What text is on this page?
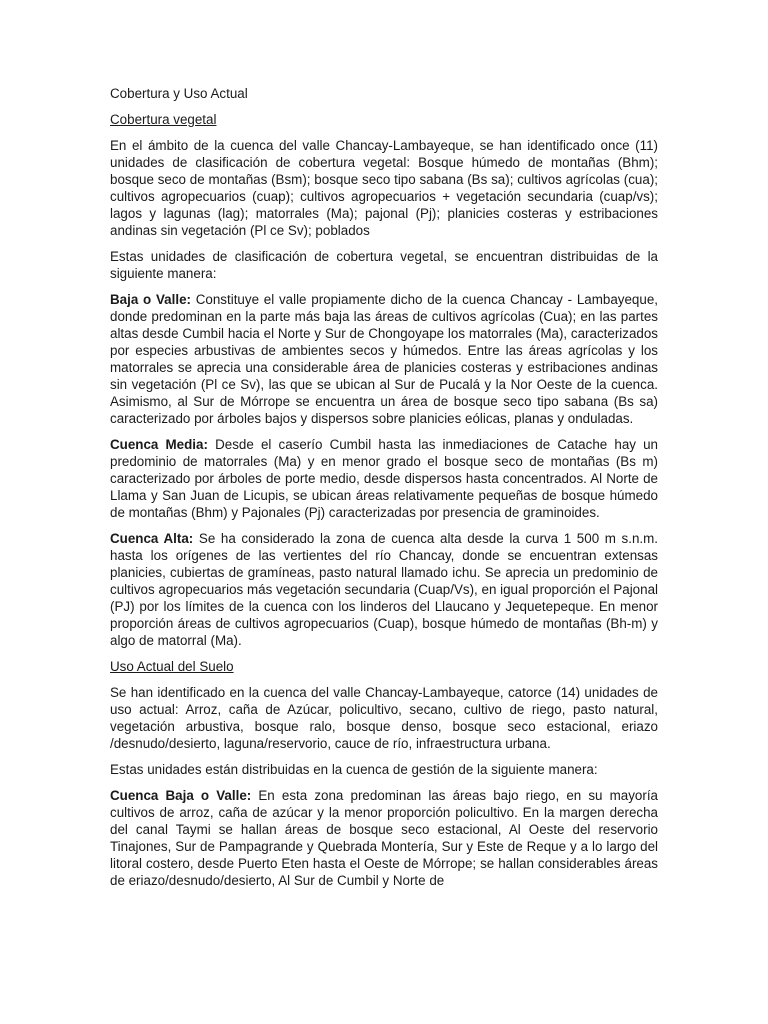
Cobertura y Uso Actual

Cobertura vegetal

En el ámbito de la cuenca del valle Chancay-Lambayeque, se han identificado once (11) unidades de clasificación de cobertura vegetal: Bosque húmedo de montañas (Bhm); bosque seco de montañas (Bsm); bosque seco tipo sabana (Bs sa); cultivos agrícolas (cua); cultivos agropecuarios (cuap); cultivos agropecuarios + vegetación secundaria (cuap/vs); lagos y lagunas (lag); matorrales (Ma); pajonal (Pj); planicies costeras y estribaciones andinas sin vegetación (Pl ce Sv); poblados

Estas unidades de clasificación de cobertura vegetal, se encuentran distribuidas de la siguiente manera:

Baja o Valle: Constituye el valle propiamente dicho de la cuenca Chancay - Lambayeque, donde predominan en la parte más baja las áreas de cultivos agrícolas (Cua); en las partes altas desde Cumbil hacia el Norte y Sur de Chongoyape los matorrales (Ma), caracterizados por especies arbustivas de ambientes secos y húmedos. Entre las áreas agrícolas y los matorrales se aprecia una considerable área de planicies costeras y estribaciones andinas sin vegetación (Pl ce Sv), las que se ubican al Sur de Pucalá y la Nor Oeste de la cuenca. Asimismo, al Sur de Mórrope se encuentra un área de bosque seco tipo sabana (Bs sa) caracterizado por árboles bajos y dispersos sobre planicies eólicas, planas y onduladas.

Cuenca Media: Desde el caserío Cumbil hasta las inmediaciones de Catache hay un predominio de matorrales (Ma) y en menor grado el bosque seco de montañas (Bs m) caracterizado por árboles de porte medio, desde dispersos hasta concentrados. Al Norte de Llama y San Juan de Licupis, se ubican áreas relativamente pequeñas de bosque húmedo de montañas (Bhm) y Pajonales (Pj) caracterizadas por presencia de graminoides.

Cuenca Alta: Se ha considerado la zona de cuenca alta desde la curva 1 500 m s.n.m. hasta los orígenes de las vertientes del río Chancay, donde se encuentran extensas planicies, cubiertas de gramíneas, pasto natural llamado ichu. Se aprecia un predominio de cultivos agropecuarios más vegetación secundaria (Cuap/Vs), en igual proporción el Pajonal (PJ) por los límites de la cuenca con los linderos del Llaucano y Jequetepeque. En menor proporción áreas de cultivos agropecuarios (Cuap), bosque húmedo de montañas (Bh-m) y algo de matorral (Ma).

Uso Actual del Suelo

Se han identificado en la cuenca del valle Chancay-Lambayeque, catorce (14) unidades de uso actual: Arroz, caña de Azúcar, policultivo, secano, cultivo de riego, pasto natural, vegetación arbustiva, bosque ralo, bosque denso, bosque seco estacional, eriazo /desnudo/desierto, laguna/reservorio, cauce de río, infraestructura urbana.

Estas unidades están distribuidas en la cuenca de gestión de la siguiente manera:

Cuenca Baja o Valle: En esta zona predominan las áreas bajo riego, en su mayoría cultivos de arroz, caña de azúcar y la menor proporción policultivo. En la margen derecha del canal Taymi se hallan áreas de bosque seco estacional, Al Oeste del reservorio Tinajones, Sur de Pampagrande y Quebrada Montería, Sur y Este de Reque y a lo largo del litoral costero, desde Puerto Eten hasta el Oeste de Mórrope; se hallan considerables áreas de eriazo/desnudo/desierto, Al Sur de Cumbil y Norte de
